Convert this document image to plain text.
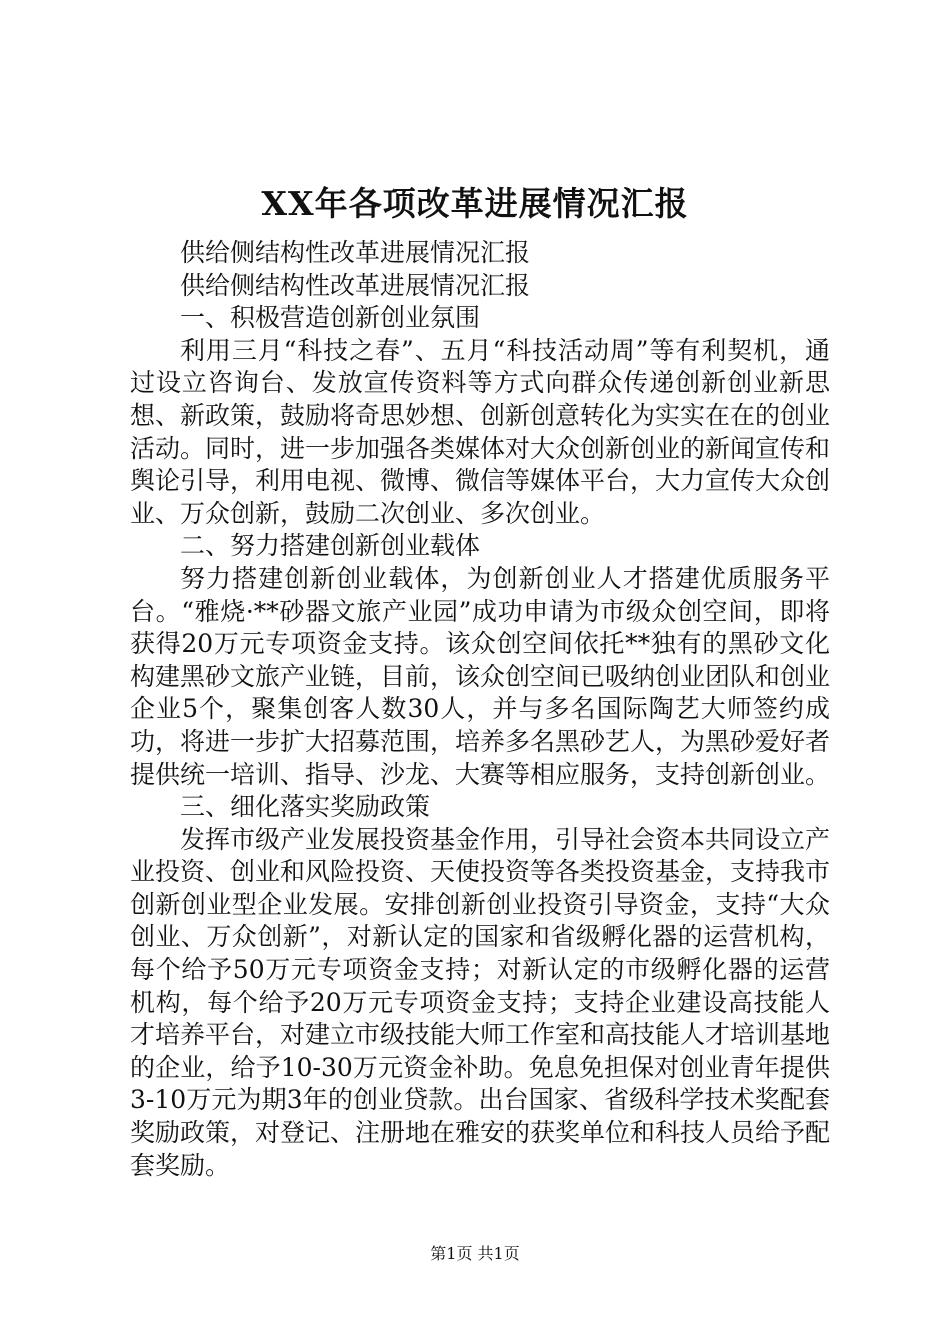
XX年各项改革进展情况汇报

供给侧结构性改革进展情况汇报

供给侧结构性改革进展情况汇报

一、积极营造创新创业氛围

利用三月“科技之春”、五月“科技活动周”等有利契机，通过设立咨询台、发放宣传资料等方式向群众传递创新创业新思想、新政策，鼓励将奇思妙想、创新创意转化为实实在在的创业活动。同时，进一步加强各类媒体对大众创新创业的新闻宣传和舆论引导，利用电视、微博、微信等媒体平台，大力宣传大众创业、万众创新，鼓励二次创业、多次创业。

二、努力搭建创新创业载体

努力搭建创新创业载体，为创新创业人才搭建优质服务平台。“雅烧·**砂器文旅产业园”成功申请为市级众创空间，即将获得20万元专项资金支持。该众创空间依托**独有的黑砂文化构建黑砂文旅产业链，目前，该众创空间已吸纳创业团队和创业企业5个，聚集创客人数30人，并与多名国际陶艺大师签约成功，将进一步扩大招募范围，培养多名黑砂艺人，为黑砂爱好者提供统一培训、指导、沙龙、大赛等相应服务，支持创新创业。

三、细化落实奖励政策

发挥市级产业发展投资基金作用，引导社会资本共同设立产业投资、创业和风险投资、天使投资等各类投资基金，支持我市创新创业型企业发展。安排创新创业投资引导资金，支持“大众创业、万众创新”，对新认定的国家和省级孵化器的运营机构，每个给予50万元专项资金支持；对新认定的市级孵化器的运营机构，每个给予20万元专项资金支持；支持企业建设高技能人才培养平台，对建立市级技能大师工作室和高技能人才培训基地的企业，给予10-30万元资金补助。免息免担保对创业青年提供3-10万元为期3年的创业贷款。出台国家、省级科学技术奖配套奖励政策，对登记、注册地在雅安的获奖单位和科技人员给予配套奖励。

第1页 共1页
